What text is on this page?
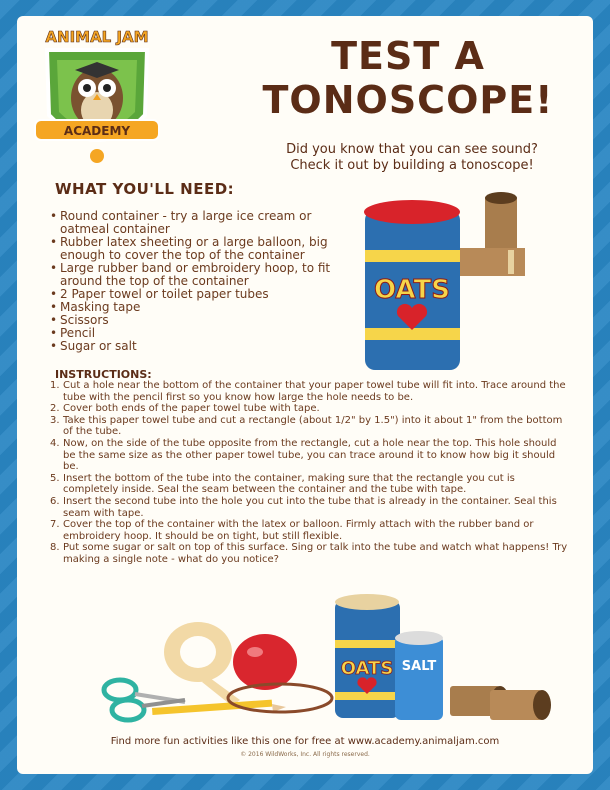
ACADEMY
ANIMAL JAM	TEST A
TONOSCOPE!
Did you know that you can see sound?
Check it out by building a tonoscope!
WHAT YOU'LL NEED:
• Round container - try a large ice cream or oatmeal container
• Rubber latex sheeting or a large balloon, big enough to cover the top of the container
• Large rubber band or embroidery hoop, to fit around the top of the container
• 2 Paper towel or toilet paper tubes
• Masking tape
• Scissors
• Pencil
• Sugar or salt
OATS
INSTRUCTIONS:
1. Cut a hole near the bottom of the container that your paper towel tube will fit into. Trace around the tube with the pencil first so you know how large the hole needs to be.
2. Cover both ends of the paper towel tube with tape.
3. Take this paper towel tube and cut a rectangle (about 1/2" by 1.5") into it about 1" from the bottom of the tube.
4. Now, on the side of the tube opposite from the rectangle, cut a hole near the top. This hole should be the same size as the other paper towel tube, you can trace around it to know how big it should be.
5. Insert the bottom of the tube into the container, making sure that the rectangle you cut is completely inside. Seal the seam between the container and the tube with tape.
6. Insert the second tube into the hole you cut into the tube that is already in the container. Seal this seam with tape.
7. Cover the top of the container with the latex or balloon. Firmly attach with the rubber band or embroidery hoop. It should be on tight, but still flexible.
8. Put some sugar or salt on top of this surface. Sing or talk into the tube and watch what happens! Try making a single note - what do you notice?
OATS SALT
Find more fun activities like this one for free at www.academy.animaljam.com
© 2016 WildWorks, Inc. All rights reserved.
